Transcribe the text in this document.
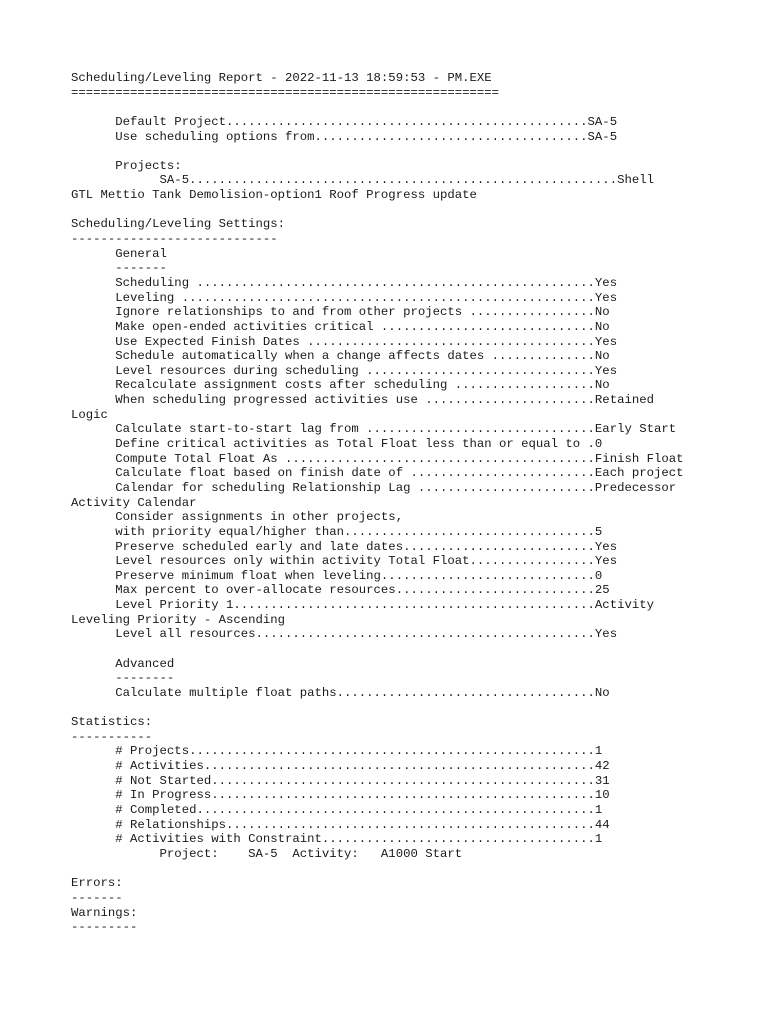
Scheduling/Leveling Report - 2022-11-13 18:59:53 - PM.EXE
==========================================================
Default Project.................................................SA-5
Use scheduling options from.....................................SA-5
Projects:
SA-5..........................................................Shell
GTL Mettio Tank Demolision-option1 Roof Progress update
Scheduling/Leveling Settings:
----------------------------
General
-------
Scheduling ......................................................Yes
Leveling ........................................................Yes
Ignore relationships to and from other projects .................No
Make open-ended activities critical .............................No
Use Expected Finish Dates .......................................Yes
Schedule automatically when a change affects dates ..............No
Level resources during scheduling ...............................Yes
Recalculate assignment costs after scheduling ...................No
When scheduling progressed activities use .......................Retained
Logic
Calculate start-to-start lag from ...............................Early Start
Define critical activities as Total Float less than or equal to .0
Compute Total Float As ..........................................Finish Float
Calculate float based on finish date of .........................Each project
Calendar for scheduling Relationship Lag ........................Predecessor
Activity Calendar
Consider assignments in other projects,
with priority equal/higher than..................................5
Preserve scheduled early and late dates..........................Yes
Level resources only within activity Total Float.................Yes
Preserve minimum float when leveling.............................0
Max percent to over-allocate resources...........................25
Level Priority 1.................................................Activity
Leveling Priority - Ascending
Level all resources..............................................Yes
Advanced
--------
Calculate multiple float paths...................................No
Statistics:
-----------
# Projects.......................................................1
# Activities.....................................................42
# Not Started....................................................31
# In Progress....................................................10
# Completed......................................................1
# Relationships..................................................44
# Activities with Constraint.....................................1
Project:    SA-5  Activity:   A1000 Start
Errors:
-------
Warnings:
---------
